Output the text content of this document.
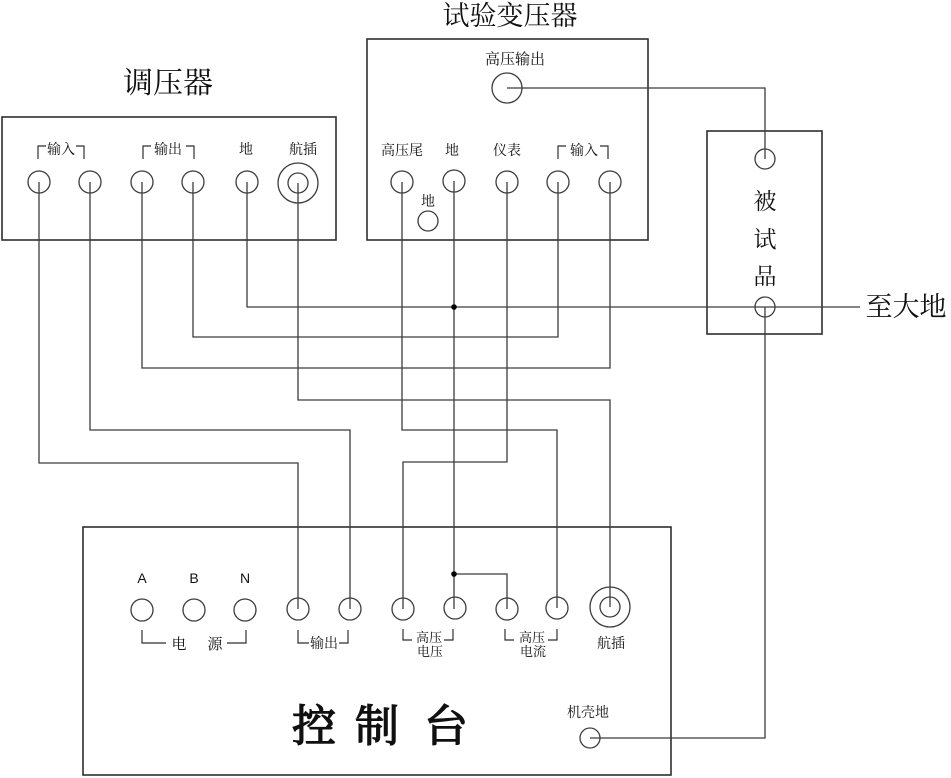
调压器
试验变压器
至大地
被
试
品
控 制 台
输入	输出	地	航插
高压输出
高压尾 地 仪表	输入
地
A	B	N
电 源	输出	高压
电压
高压
电流
航插
机壳地
